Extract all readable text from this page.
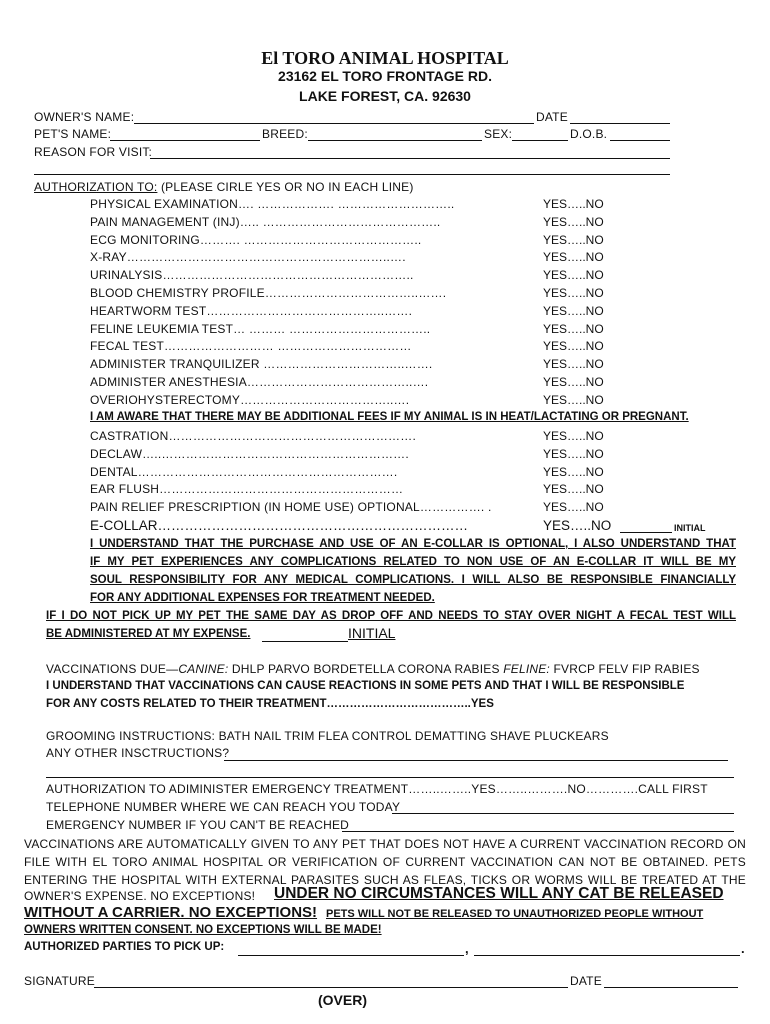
El TORO ANIMAL HOSPITAL
23162 EL TORO FRONTAGE RD.
LAKE FOREST, CA. 92630
OWNER'S NAME:	DATE
PET'S NAME:	BREED:	SEX:	D.O.B.
REASON FOR VISIT:
AUTHORIZATION TO: (PLEASE CIRLE YES OR NO IN EACH LINE)
PHYSICAL EXAMINATION…. ………………. ………………………..	YES…..NO
PAIN MANAGEMENT (INJ)….. ……………………………………..	YES…..NO
ECG MONITORING………. ……………………………………..	YES…..NO
X-RAY………………………………………………………..….	YES…..NO
URINALYSIS……………………………………………………..	YES…..NO
BLOOD CHEMISTRY PROFILE………………………………..…….	YES…..NO
HEARTWORM TEST……………………………………..…….	YES…..NO
FELINE LEUKEMIA TEST… ……… ……………………………..	YES…..NO
FECAL TEST……………………… ……………………………	YES…..NO
ADMINISTER TRANQUILIZER ……………………………..…….	YES…..NO
ADMINISTER ANESTHESIA…………………………………..….	YES…..NO
OVERIOHYSTERECTOMY………………………………..….	YES…..NO
I AM AWARE THAT THERE MAY BE ADDITIONAL FEES IF MY ANIMAL IS IN HEAT/LACTATING OR PREGNANT.
CASTRATION…………………………………………………….	YES…..NO
DECLAW…..…………………………………………………….	YES…..NO
DENTAL……………………………………………………….	YES…..NO
EAR FLUSH……………………………………………………	YES…..NO
PAIN RELIEF PRESCRIPTION (IN HOME USE) OPTIONAL……………. .	YES…..NO
E-COLLAR……………………………………………………………	YES…..NO	INITIAL
I UNDERSTAND THAT THE PURCHASE AND USE OF AN E-COLLAR IS OPTIONAL, I ALSO UNDERSTAND THAT
IF MY PET EXPERIENCES ANY COMPLICATIONS RELATED TO NON USE OF AN E-COLLAR IT WILL BE MY
SOUL RESPONSIBILITY FOR ANY MEDICAL COMPLICATIONS. I WILL ALSO BE RESPONSIBLE FINANCIALLY
FOR ANY ADDITIONAL EXPENSES FOR TREATMENT NEEDED.
IF I DO NOT PICK UP MY PET THE SAME DAY AS DROP OFF AND NEEDS TO STAY OVER NIGHT A FECAL TEST WILL
BE ADMINISTERED AT MY EXPENSE.	INITIAL
VACCINATIONS DUE—CANINE: DHLP PARVO BORDETELLA CORONA RABIES FELINE: FVRCP FELV FIP RABIES
I UNDERSTAND THAT VACCINATIONS CAN CAUSE REACTIONS IN SOME PETS AND THAT I WILL BE RESPONSIBLE
FOR ANY COSTS RELATED TO THEIR TREATMENT………………………………..YES
GROOMING INSTRUCTIONS: BATH NAIL TRIM FLEA CONTROL DEMATTING SHAVE PLUCKEARS
ANY OTHER INSCTRUCTIONS?
AUTHORIZATION TO ADIMINISTER EMERGENCY TREATMENT……..……..YES……..……….NO………….CALL FIRST
TELEPHONE NUMBER WHERE WE CAN REACH YOU TODAY
EMERGENCY NUMBER IF YOU CAN'T BE REACHED
VACCINATIONS ARE AUTOMATICALLY GIVEN TO ANY PET THAT DOES NOT HAVE A CURRENT VACCINATION RECORD ON
FILE WITH EL TORO ANIMAL HOSPITAL OR VERIFICATION OF CURRENT VACCINATION CAN NOT BE OBTAINED. PETS
ENTERING THE HOSPITAL WITH EXTERNAL PARASITES SUCH AS FLEAS, TICKS OR WORMS WILL BE TREATED AT THE
OWNER'S EXPENSE. NO EXCEPTIONS! UNDER NO CIRCUMSTANCES WILL ANY CAT BE RELEASED
WITHOUT A CARRIER. NO EXCEPTIONS! PETS WILL NOT BE RELEASED TO UNAUTHORIZED PEOPLE WITHOUT
OWNERS WRITTEN CONSENT. NO EXCEPTIONS WILL BE MADE!
AUTHORIZED PARTIES TO PICK UP:	,	.
SIGNATURE	DATE
(OVER)
